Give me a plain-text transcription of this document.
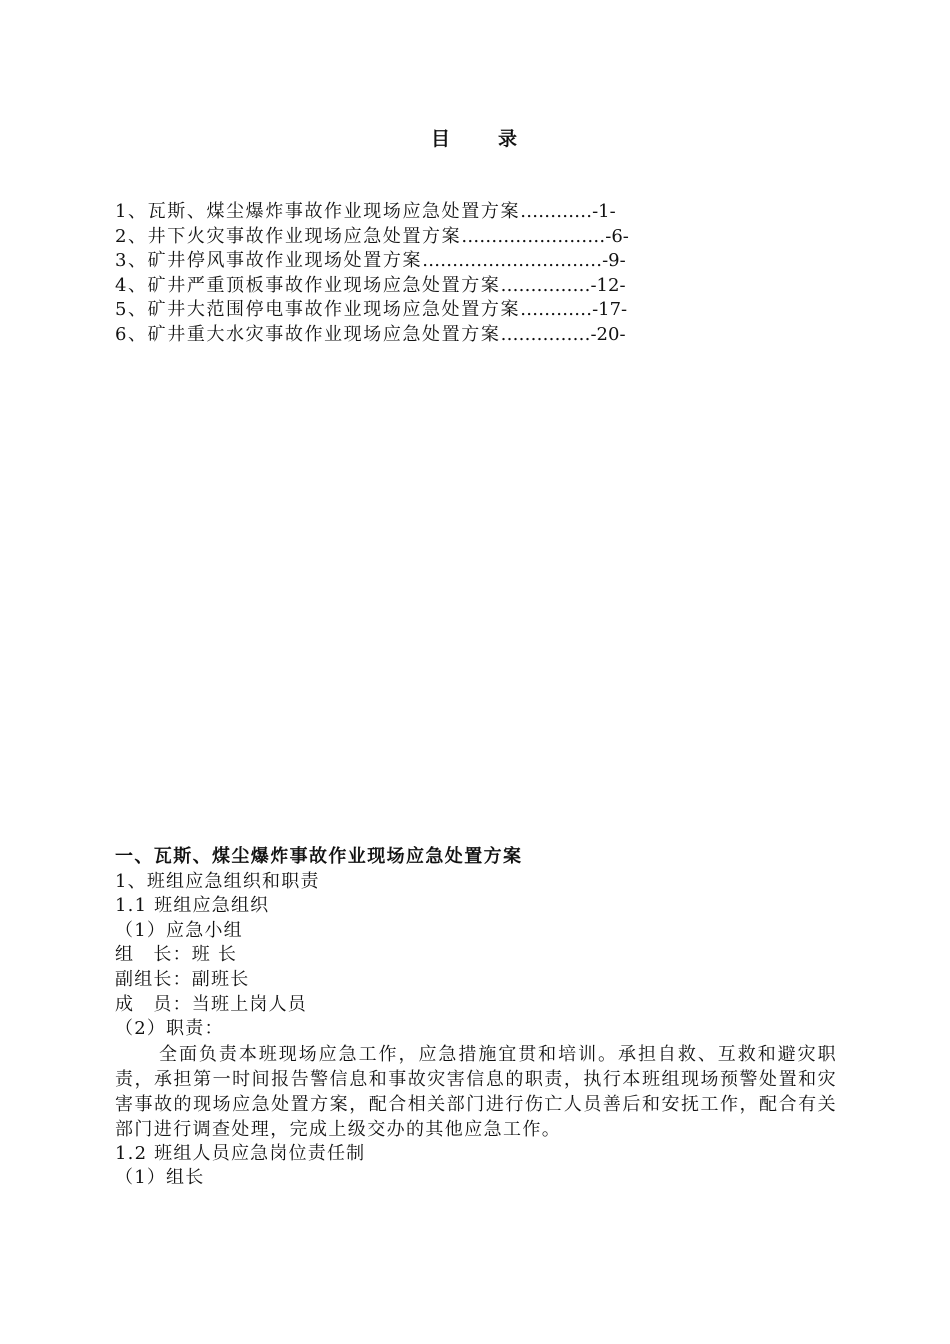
目 录
1、瓦斯、煤尘爆炸事故作业现场应急处置方案…………-1-
2、井下火灾事故作业现场应急处置方案……………………-6-
3、矿井停风事故作业现场处置方案…………………………-9-
4、矿井严重顶板事故作业现场应急处置方案……………-12-
5、矿井大范围停电事故作业现场应急处置方案…………-17-
6、矿井重大水灾事故作业现场应急处置方案……………-20-
一、瓦斯、煤尘爆炸事故作业现场应急处置方案
1、班组应急组织和职责
1.1 班组应急组织
（1）应急小组
组　长：班 长
副组长：副班长
成　员：当班上岗人员
（2）职责：
全面负责本班现场应急工作，应急措施宜贯和培训。承担自救、互救和避灾职责，承担第一时间报告警信息和事故灾害信息的职责，执行本班组现场预警处置和灾害事故的现场应急处置方案，配合相关部门进行伤亡人员善后和安抚工作，配合有关部门进行调查处理，完成上级交办的其他应急工作。
1.2 班组人员应急岗位责任制
（1）组长
